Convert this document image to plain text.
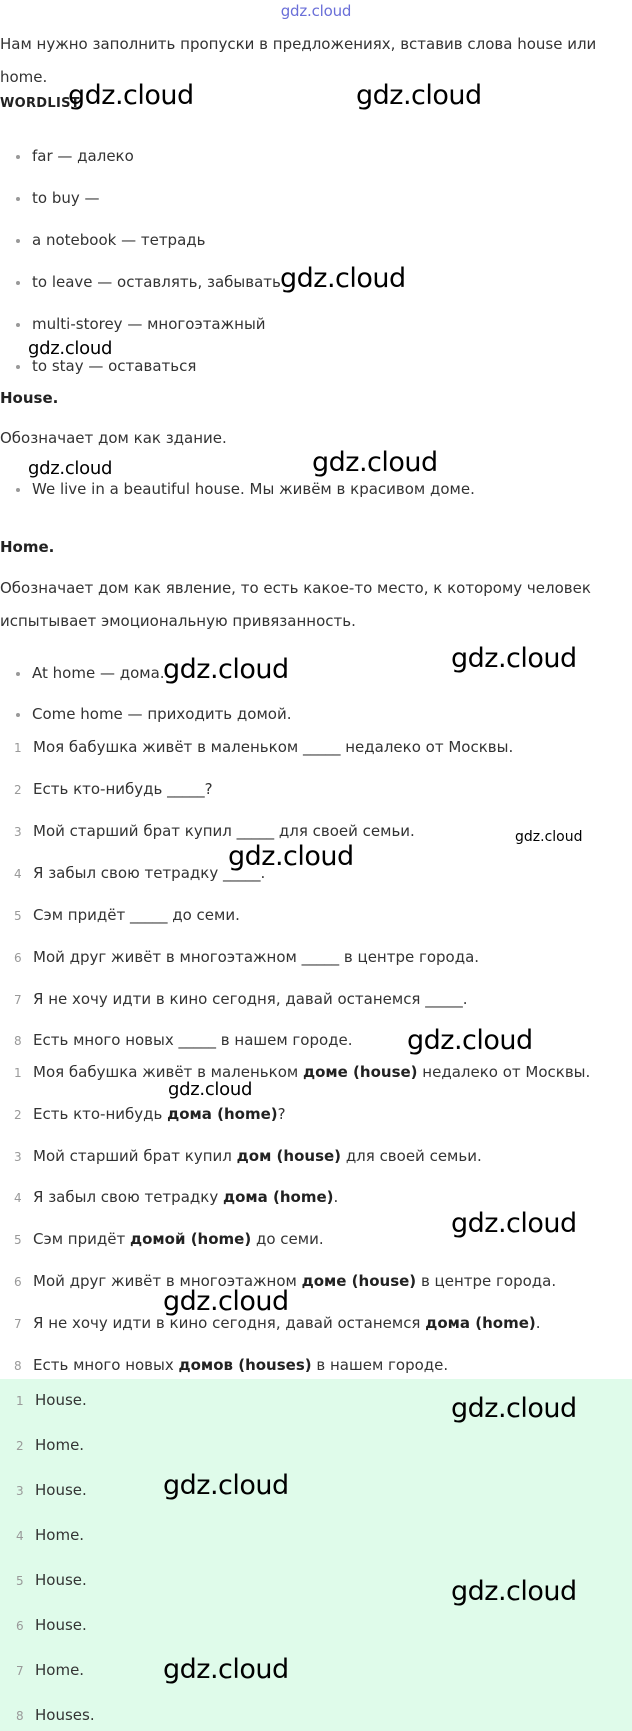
gdz.cloud
Нам нужно заполнить пропуски в предложениях, вставив слова house или home.
WORDLIST
far — далеко
to buy —
a notebook — тетрадь
to leave — оставлять, забывать
multi-storey — многоэтажный
to stay — оставаться
House.
Обозначает дом как здание.
We live in a beautiful house. Мы живём в красивом доме.
Home.
Обозначает дом как явление, то есть какое-то место, к которому человек испытывает эмоциональную привязанность.
At home — дома.
Come home — приходить домой.
1 Моя бабушка живёт в маленьком _____ недалеко от Москвы.
2 Есть кто-нибудь _____?
3 Мой старший брат купил _____ для своей семьи.
4 Я забыл свою тетрадку _____.
5 Сэм придёт _____ до семи.
6 Мой друг живёт в многоэтажном _____ в центре города.
7 Я не хочу идти в кино сегодня, давай останемся _____.
8 Есть много новых _____ в нашем городе.
1 Моя бабушка живёт в маленьком доме (house) недалеко от Москвы.
2 Есть кто-нибудь дома (home)?
3 Мой старший брат купил дом (house) для своей семьи.
4 Я забыл свою тетрадку дома (home).
5 Сэм придёт домой (home) до семи.
6 Мой друг живёт в многоэтажном доме (house) в центре города.
7 Я не хочу идти в кино сегодня, давай останемся дома (home).
8 Есть много новых домов (houses) в нашем городе.
1 House.
2 Home.
3 House.
4 Home.
5 House.
6 House.
7 Home.
8 Houses.
gdz.cloud	gdz.cloud
gdz.cloud
gdz.cloud
gdz.cloud	gdz.cloud
gdz.cloud	gdz.cloud
gdz.cloud
gdz.cloud
gdz.cloud
gdz.cloud
gdz.cloud
gdz.cloud
gdz.cloud
gdz.cloud
gdz.cloud
gdz.cloud
